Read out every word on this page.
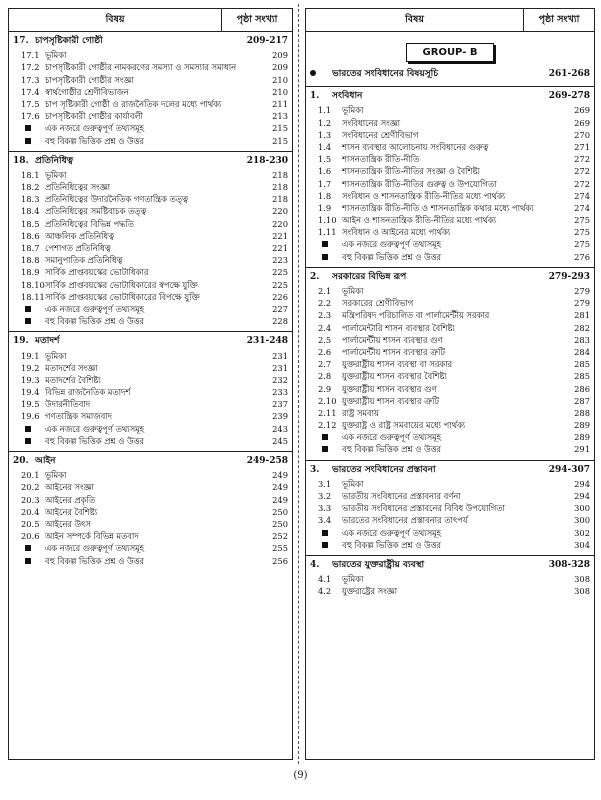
বিষয়	পৃষ্ঠা সংখ্যা
17. চাপসৃষ্টিকারী গোষ্ঠী	209-217
17.1 ভূমিকা	209
17.2 চাপসৃষ্টিকারী গোষ্ঠীর নামকরণের সমস্যা ও সমস্যার সমাধান	209
17.3 চাপসৃষ্টিকারী গোষ্ঠীর সংজ্ঞা	210
17.4 স্বার্থগোষ্ঠীর শ্রেণীবিভাজন	210
17.5 চাপ সৃষ্টিকারী গোষ্ঠী ও রাজনৈতিক দলের মধ্যে পার্থক্য	211
17.6 চাপসৃষ্টিকারী গোষ্ঠীর কার্যাবলী	213
এক নজরে গুরুত্বপূর্ণ তথ্যসমূহ	215
বহু বিকল্প ভিত্তিক প্রশ্ন ও উত্তর	215
18. প্রতিনিধিত্ব	218-230
18.1 ভূমিকা	218
18.2 প্রতিনিধিত্বের সংজ্ঞা	218
18.3 প্রতিনিধিত্বের উদারনৈতিক গণতান্ত্রিক তত্ত্ব	218
18.4 প্রতিনিধিত্বের সমষ্টিবাচক তত্ত্ব	220
18.5 প্রতিনিধিত্বের বিভিন্ন পদ্ধতি	220
18.6 আঞ্চলিক প্রতিনিধিত্ব	221
18.7 পেশাগত প্রতিনিধিত্ব	221
18.8 সমানুপাতিক প্রতিনিধিত্ব	223
18.9 সার্বিক প্রাপ্তবয়স্কের ভোটাধিকার	225
18.10 সার্বিক প্রাপ্তবয়স্কের ভোটাধিকারের স্বপক্ষে যুক্তি	225
18.11 সার্বিক প্রাপ্তবয়স্কের ভোটাধিকারের বিপক্ষে যুক্তি	226
এক নজরে গুরুত্বপূর্ণ তথ্যসমূহ	227
বহু বিকল্প ভিত্তিক প্রশ্ন ও উত্তর	228
19. মতাদর্শ	231-248
19.1 ভূমিকা	231
19.2 মতাদর্শের সংজ্ঞা	231
19.3 মতাদর্শের বৈশিষ্ট্য	232
19.4 বিভিন্ন রাজনৈতিক মতাদর্শ	233
19.5 উদারনীতিবাদ	237
19.6 গণতান্ত্রিক সমাজবাদ	239
এক নজরে গুরুত্বপূর্ণ তথ্যসমূহ	243
বহু বিকল্প ভিত্তিক প্রশ্ন ও উত্তর	245
20. আইন	249-258
20.1 ভূমিকা	249
20.2 আইনের সংজ্ঞা	249
20.3 আইনের প্রকৃতি	249
20.4 আইনের বৈশিষ্ট্য	250
20.5 আইনের উৎস	250
20.6 আইন সম্পর্কে বিভিন্ন মতবাদ	252
এক নজরে গুরুত্বপূর্ণ তথ্যসমূহ	255
বহু বিকল্প ভিত্তিক প্রশ্ন ও উত্তর	256
বিষয়	পৃষ্ঠা সংখ্যা
GROUP- B
ভারতের সংবিধানের বিষয়সূচি	261-268
1.	সংবিধান	269-278
1.1	ভূমিকা	269
1.2	সংবিধানের সংজ্ঞা	269
1.3	সংবিধানের শ্রেণীবিভাগ	270
1.4	শাসন ব্যবস্থার আলোচনায় সংবিধানের গুরুত্ব	271
1.5	শাসনতান্ত্রিক রীতি-নীতি	272
1.6	শাসনতান্ত্রিক রীতি-নীতির সংজ্ঞা ও বৈশিষ্ট্য	272
1.7	শাসনতান্ত্রিক রীতি-নীতির গুরুত্ব ও উপযোগিতা	272
1.8	সংবিধান ও শাসনতান্ত্রিক রীতি-নীতির মধ্যে পার্থক্য	274
1.9	শাসনতান্ত্রিক রীতি-নীতি ও শাসনতান্ত্রিক কথার মধ্যে পার্থক্য	274
1.10 আইন ও শাসনতান্ত্রিক রীতি-নীতির মধ্যে পার্থক্য	275
1.11 সংবিধান ও আইনের মধ্যে পার্থক্য	275
এক নজরে গুরুত্বপূর্ণ তথ্যসমূহ	275
বহু বিকল্প ভিত্তিক প্রশ্ন ও উত্তর	276
2.	সরকারের বিভিন্ন রূপ	279-293
2.1	ভূমিকা	279
2.2	সরকারের শ্রেণীবিভাগ	279
2.3	মন্ত্রিপরিষদ পরিচালিত বা পার্লামেন্টীয় সরকার	281
2.4	পার্লামেন্টারি শাসন ব্যবস্থার বৈশিষ্ট্য	282
2.5	পার্লামেন্টীয় শাসন ব্যবস্থার গুণ	283
2.6	পার্লামেন্টীয় শাসন ব্যবস্থার ত্রুটি	284
2.7	যুক্তরাষ্ট্রীয় শাসন ব্যবস্থা বা সরকার	285
2.8	যুক্তরাষ্ট্রীয় শাসন ব্যবস্থার বৈশিষ্ট্য	285
2.9	যুক্তরাষ্ট্রীয় শাসন ব্যবস্থার গুণ	286
2.10 যুক্তরাষ্ট্রীয় শাসন ব্যবস্থার ত্রুটি	287
2.11 রাষ্ট্র সমবায়	288
2.12 যুক্তরাষ্ট্র ও রাষ্ট্র সমবায়ের মধ্যে পার্থক্য	289
এক নজরে গুরুত্বপূর্ণ তথ্যসমূহ	289
বহু বিকল্প ভিত্তিক প্রশ্ন ও উত্তর	291
3.	ভারতের সংবিধানের প্রস্তাবনা	294-307
3.1	ভূমিকা	294
3.2	ভারতীয় সংবিধানের প্রস্তাবনার বর্ণনা	294
3.3	ভারতীয় সংবিধানের প্রস্তাবনের বিবিধ উপযোগিতা	300
3.4	ভারতের সংবিধানের প্রস্তাবনার তাৎপর্য	300
এক নজরে গুরুত্বপূর্ণ তথ্যসমূহ	302
বহু বিকল্প ভিত্তিক প্রশ্ন ও উত্তর	304
4.	ভারতের যুক্তরাষ্ট্রীয় ব্যবস্থা	308-328
4.1	ভূমিকা	308
4.2	যুক্তরাষ্ট্রের সংজ্ঞা	308
(9)
